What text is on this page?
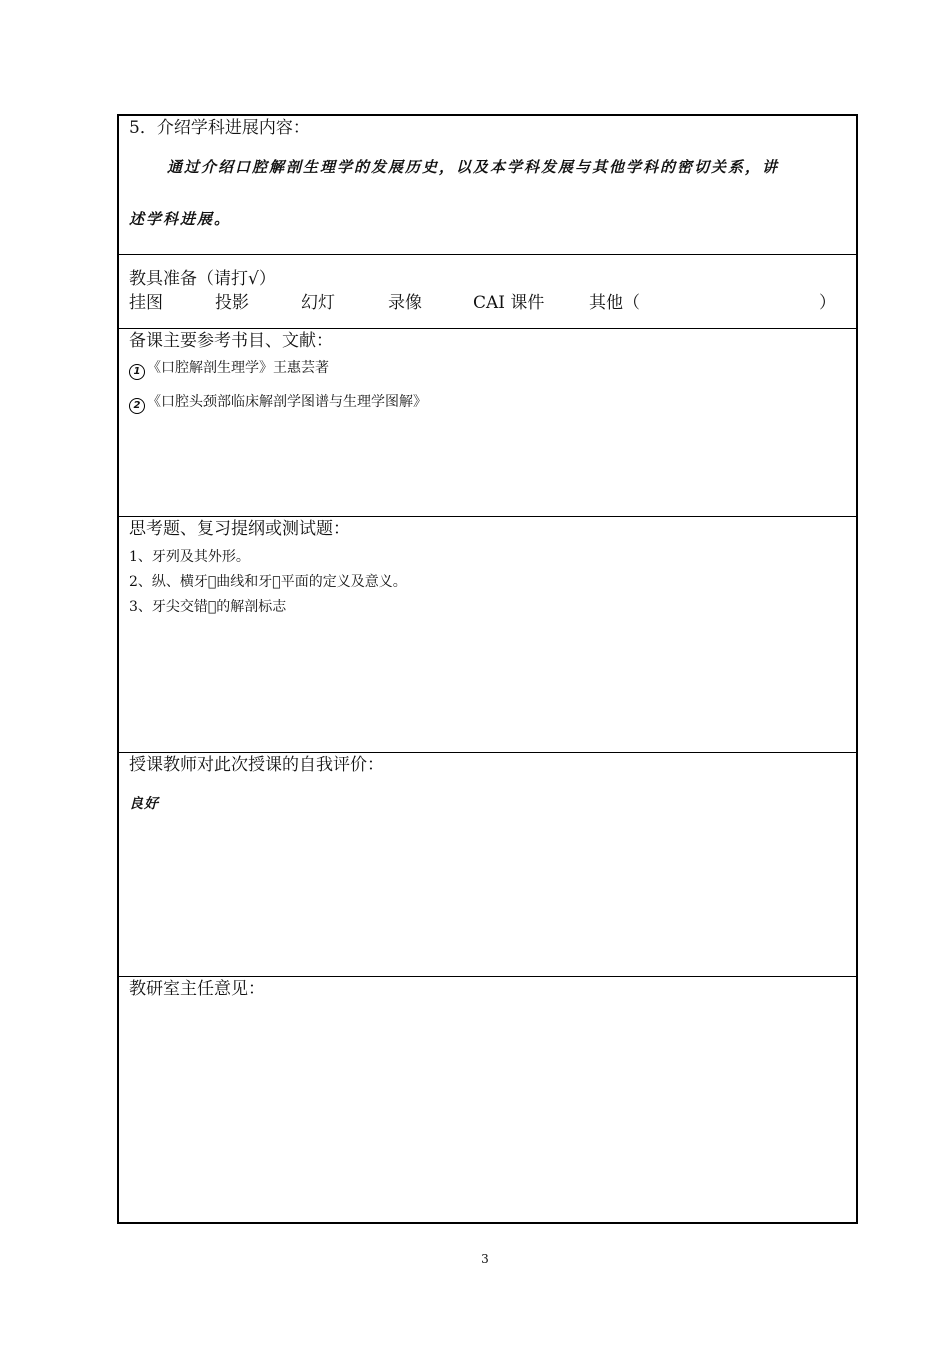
5．介绍学科进展内容：
通过介绍口腔解剖生理学的发展历史，以及本学科发展与其他学科的密切关系，讲
述学科进展。
教具准备（请打√）
挂图	投影	幻灯	录像	CAI 课件	其他（	）
备课主要参考书目、文献：
1 《口腔解剖生理学》王惠芸著
2 《口腔头颈部临床解剖学图谱与生理学图解》
思考题、复习提纲或测试题：
1、牙列及其外形。
2、纵、横牙 曲线和牙 平面的定义及意义。
3、牙尖交错 的解剖标志
授课教师对此次授课的自我评价：
良好
教研室主任意见：
3
